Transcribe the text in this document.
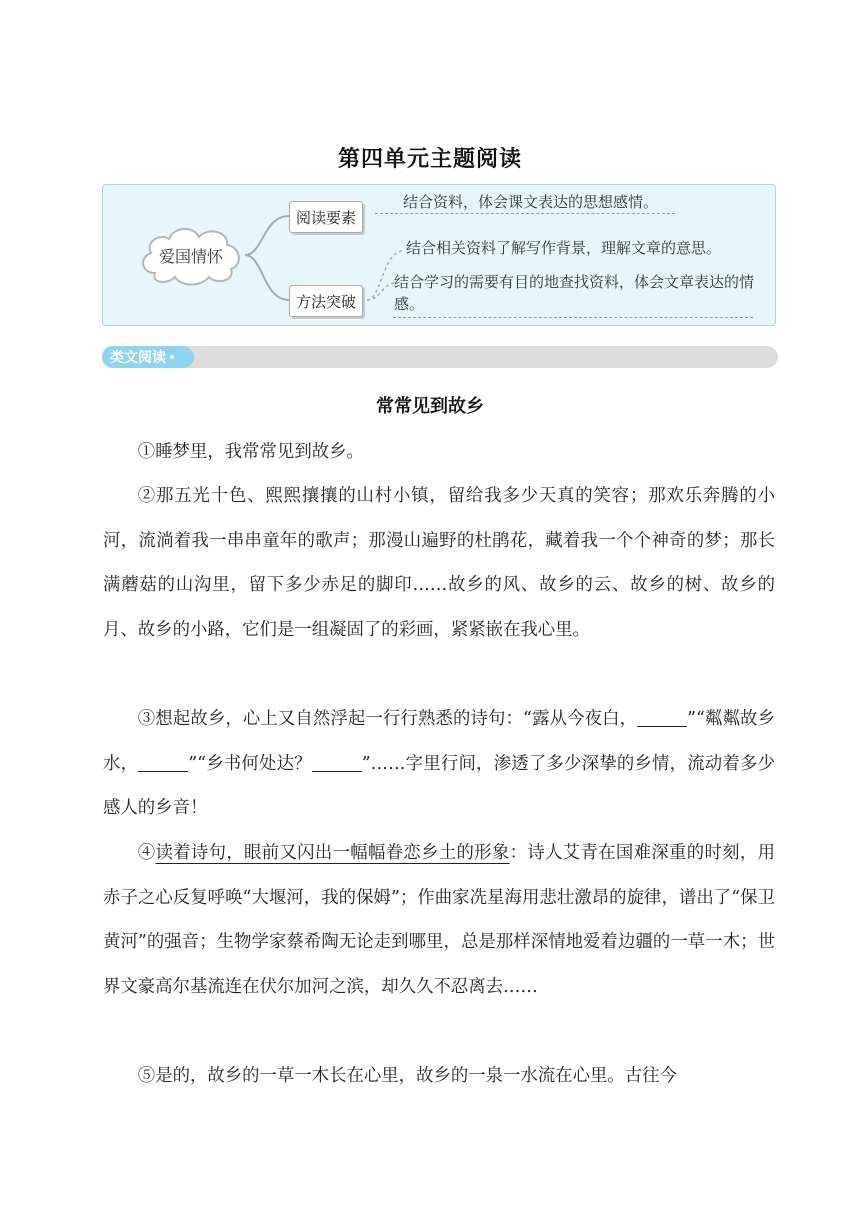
第四单元主题阅读
爱国情怀
阅读要素
方法突破
结合资料，体会课文表达的思想感情。
结合相关资料了解写作背景，理解文章的意思。
结合学习的需要有目的地查找资料，体会文章表达的情感。
类文阅读
常常见到故乡

①睡梦里，我常常见到故乡。

②那五光十色、熙熙攘攘的山村小镇，留给我多少天真的笑容；那欢乐奔腾的小河，流淌着我一串串童年的歌声；那漫山遍野的杜鹃花，藏着我一个个神奇的梦；那长满蘑菇的山沟里，留下多少赤足的脚印……故乡的风、故乡的云、故乡的树、故乡的月、故乡的小路，它们是一组凝固了的彩画，紧紧嵌在我心里。

③想起故乡，心上又自然浮起一行行熟悉的诗句：“露从今夜白，	”“粼粼故乡水，	”“乡书何处达？	”……字里行间，渗透了多少深挚的乡情，流动着多少感人的乡音！

④读着诗句，眼前又闪出一幅幅眷恋乡土的形象：诗人艾青在国难深重的时刻，用赤子之心反复呼唤“大堰河，我的保姆”；作曲家冼星海用悲壮激昂的旋律，谱出了“保卫黄河”的强音；生物学家蔡希陶无论走到哪里，总是那样深情地爱着边疆的一草一木；世界文豪高尔基流连在伏尔加河之滨，却久久不忍离去……

⑤是的，故乡的一草一木长在心里，故乡的一泉一水流在心里。古往今
